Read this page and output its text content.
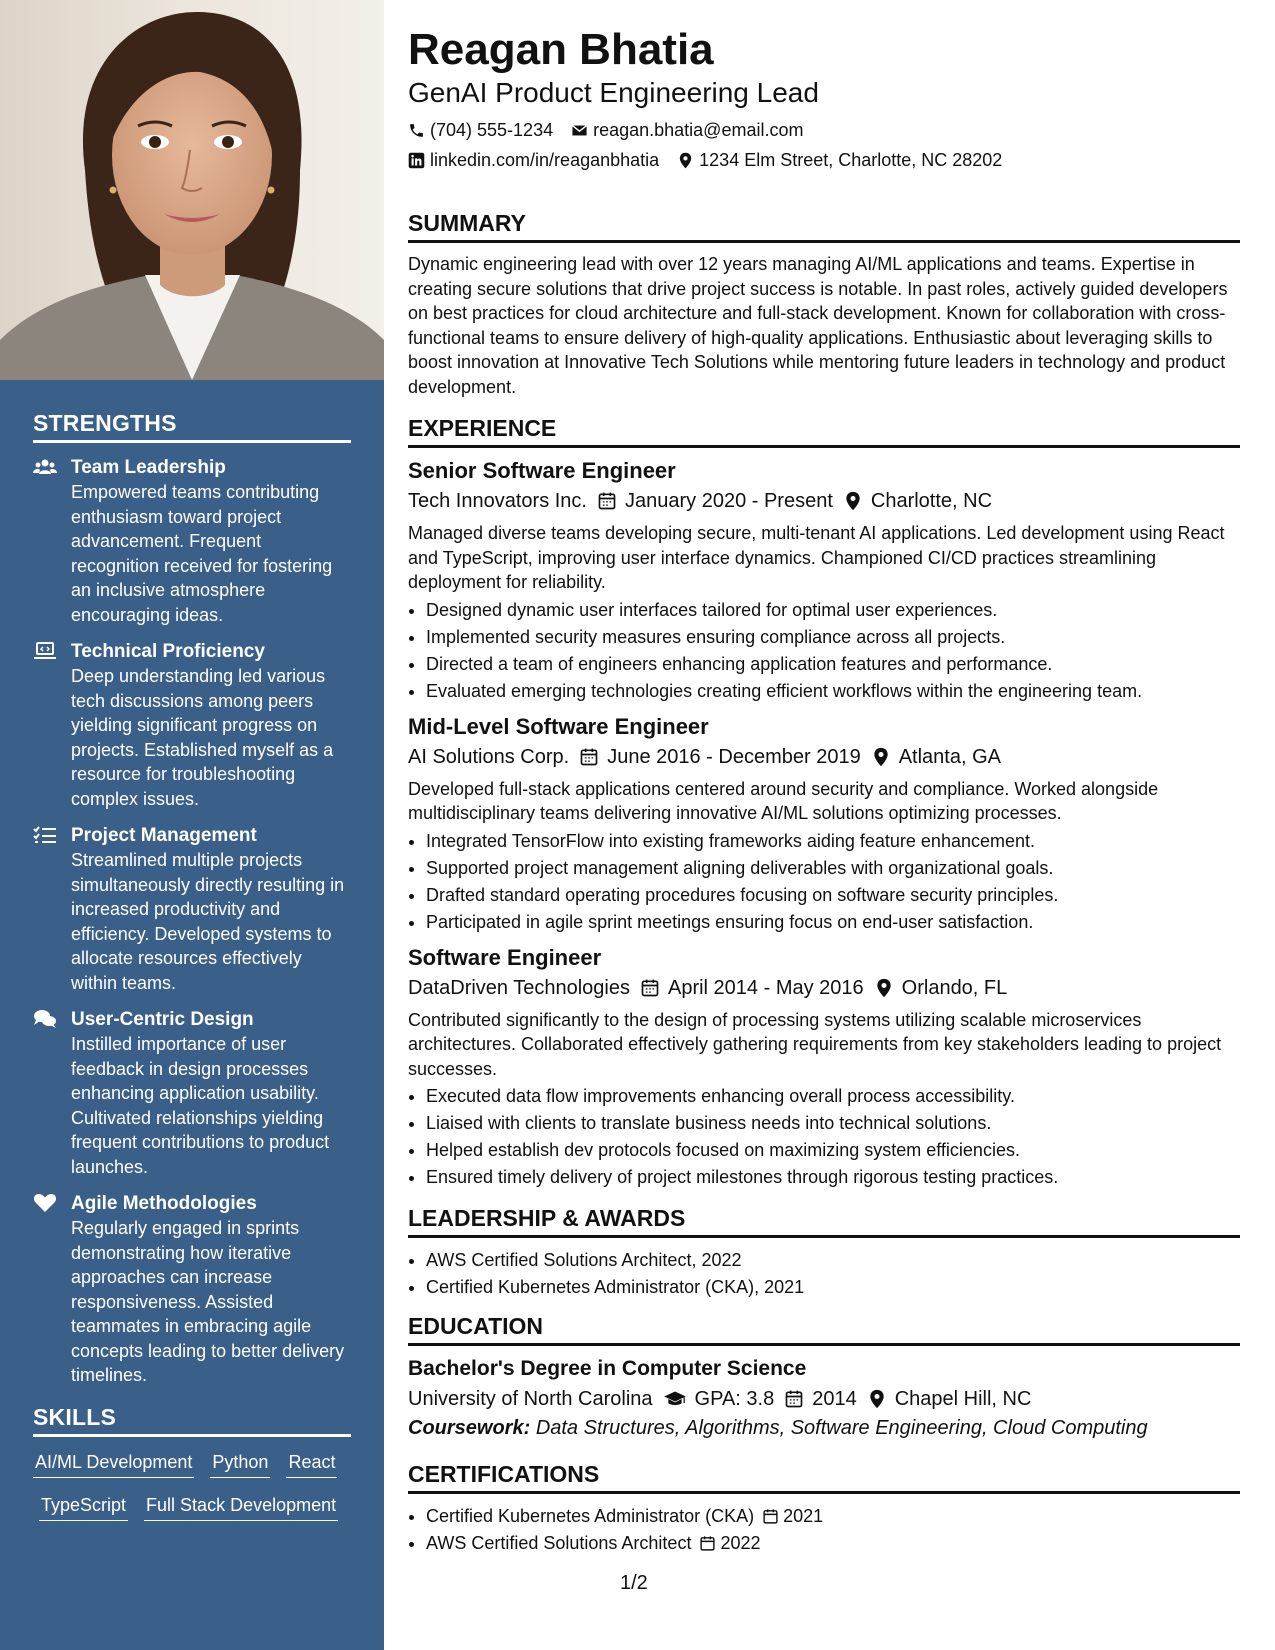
STRENGTHS
Team Leadership
Empowered teams contributing enthusiasm toward project advancement. Frequent recognition received for fostering an inclusive atmosphere encouraging ideas.
Technical Proficiency
Deep understanding led various tech discussions among peers yielding significant progress on projects. Established myself as a resource for troubleshooting complex issues.
Project Management
Streamlined multiple projects simultaneously directly resulting in increased productivity and efficiency. Developed systems to allocate resources effectively within teams.
User-Centric Design
Instilled importance of user feedback in design processes enhancing application usability. Cultivated relationships yielding frequent contributions to product launches.
Agile Methodologies
Regularly engaged in sprints demonstrating how iterative approaches can increase responsiveness. Assisted teammates in embracing agile concepts leading to better delivery timelines.
SKILLS
AI/ML Development Python React
TypeScript Full Stack Development
Reagan Bhatia
GenAI Product Engineering Lead
(704) 555-1234 reagan.bhatia@email.com
linkedin.com/in/reaganbhatia 1234 Elm Street, Charlotte, NC 28202
SUMMARY
Dynamic engineering lead with over 12 years managing AI/ML applications and teams. Expertise in creating secure solutions that drive project success is notable. In past roles, actively guided developers on best practices for cloud architecture and full-stack development. Known for collaboration with cross-functional teams to ensure delivery of high-quality applications. Enthusiastic about leveraging skills to boost innovation at Innovative Tech Solutions while mentoring future leaders in technology and product development.
EXPERIENCE
Senior Software Engineer
Tech Innovators Inc. January 2020 - Present Charlotte, NC
Managed diverse teams developing secure, multi-tenant AI applications. Led development using React and TypeScript, improving user interface dynamics. Championed CI/CD practices streamlining deployment for reliability.
• Designed dynamic user interfaces tailored for optimal user experiences.
• Implemented security measures ensuring compliance across all projects.
• Directed a team of engineers enhancing application features and performance.
• Evaluated emerging technologies creating efficient workflows within the engineering team.
Mid-Level Software Engineer
AI Solutions Corp. June 2016 - December 2019 Atlanta, GA
Developed full-stack applications centered around security and compliance. Worked alongside multidisciplinary teams delivering innovative AI/ML solutions optimizing processes.
• Integrated TensorFlow into existing frameworks aiding feature enhancement.
• Supported project management aligning deliverables with organizational goals.
• Drafted standard operating procedures focusing on software security principles.
• Participated in agile sprint meetings ensuring focus on end-user satisfaction.
Software Engineer
DataDriven Technologies April 2014 - May 2016 Orlando, FL
Contributed significantly to the design of processing systems utilizing scalable microservices architectures. Collaborated effectively gathering requirements from key stakeholders leading to project successes.
• Executed data flow improvements enhancing overall process accessibility.
• Liaised with clients to translate business needs into technical solutions.
• Helped establish dev protocols focused on maximizing system efficiencies.
• Ensured timely delivery of project milestones through rigorous testing practices.
LEADERSHIP & AWARDS
• AWS Certified Solutions Architect, 2022
• Certified Kubernetes Administrator (CKA), 2021
EDUCATION
Bachelor's Degree in Computer Science
University of North Carolina GPA: 3.8 2014 Chapel Hill, NC
Coursework: Data Structures, Algorithms, Software Engineering, Cloud Computing
CERTIFICATIONS
• Certified Kubernetes Administrator (CKA) 2021
• AWS Certified Solutions Architect 2022
1/2
